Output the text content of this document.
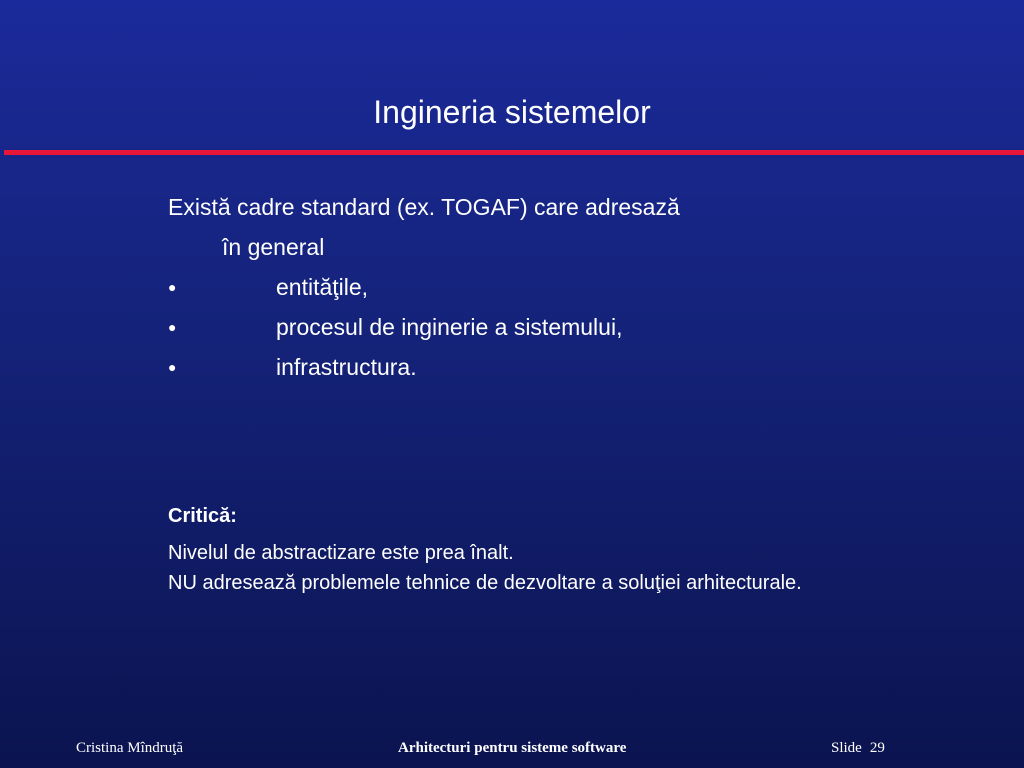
Ingineria sistemelor
Există cadre standard (ex. TOGAF) care adresază
în general
●	entităţile,
●	procesul de inginerie a sistemului,
●	infrastructura.
Critică:
Nivelul de abstractizare este prea înalt.
NU adresează problemele tehnice de dezvoltare a soluţiei arhitecturale.
Cristina Mîndruţă	Arhitecturi pentru sisteme software	Slide 29
